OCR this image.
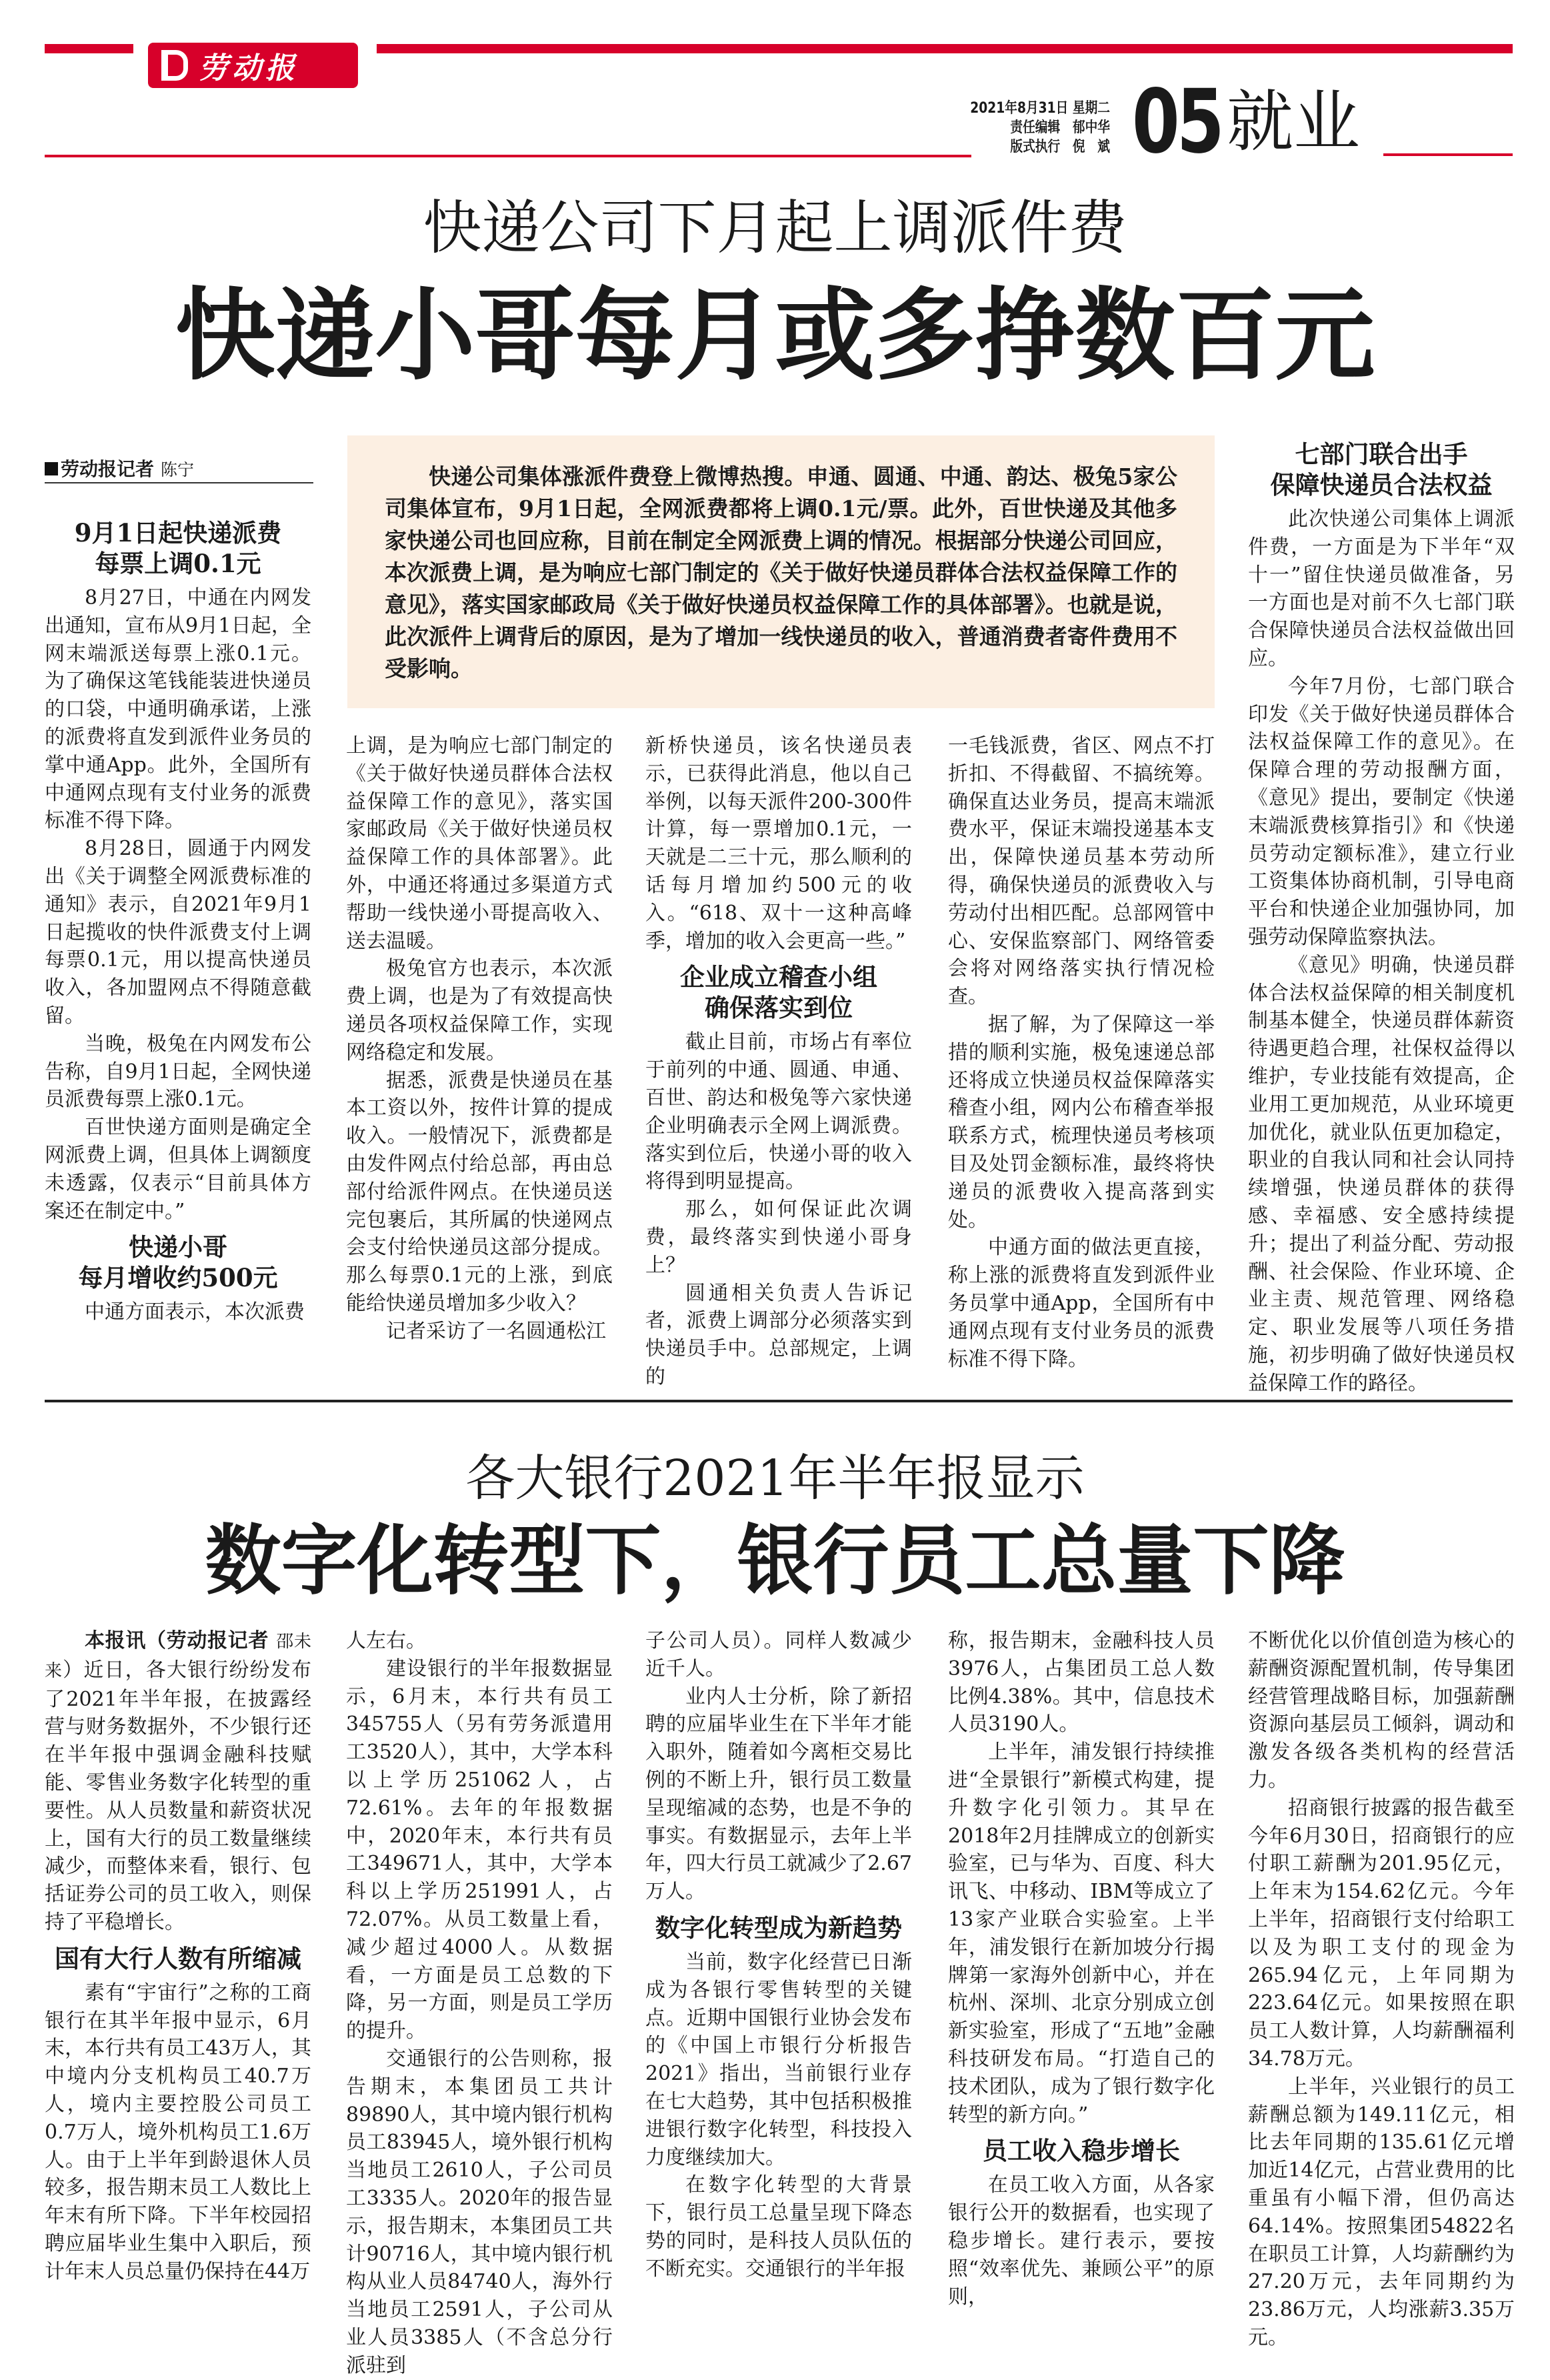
劳动报
2021年8月31日 星期二
责任编辑　郁中华
版式执行　倪　斌 05 就业
快递公司下月起上调派件费
快递小哥每月或多挣数百元
劳动报记者 陈宁	快递公司集体涨派件费登上微博热搜。申通、圆通、中通、韵达、极兔5家公司集体宣布，9月1日起，全网派费都将上调0.1元/票。此外，百世快递及其他多家快递公司也回应称，目前在制定全网派费上调的情况。根据部分快递公司回应，本次派费上调，是为响应七部门制定的《关于做好快递员群体合法权益保障工作的意见》，落实国家邮政局《关于做好快递员权益保障工作的具体部署》。也就是说，此次派件上调背后的原因，是为了增加一线快递员的收入，普通消费者寄件费用不受影响。

9月1日起快递派费
每票上调0.1元

8月27日，中通在内网发出通知，宣布从9月1日起，全网末端派送每票上涨0.1元。为了确保这笔钱能装进快递员的口袋，中通明确承诺，上涨的派费将直发到派件业务员的掌中通App。此外，全国所有中通网点现有支付业务的派费标准不得下降。

8月28日，圆通于内网发出《关于调整全网派费标准的通知》表示，自2021年9月1日起揽收的快件派费支付上调每票0.1元，用以提高快递员收入，各加盟网点不得随意截留。

当晚，极兔在内网发布公告称，自9月1日起，全网快递员派费每票上涨0.1元。

百世快递方面则是确定全网派费上调，但具体上调额度未透露，仅表示“目前具体方案还在制定中。”

快递小哥
每月增收约500元

中通方面表示，本次派费

上调，是为响应七部门制定的《关于做好快递员群体合法权益保障工作的意见》，落实国家邮政局《关于做好快递员权益保障工作的具体部署》。此外，中通还将通过多渠道方式帮助一线快递小哥提高收入、送去温暖。

极兔官方也表示，本次派费上调，也是为了有效提高快递员各项权益保障工作，实现网络稳定和发展。

据悉，派费是快递员在基本工资以外，按件计算的提成收入。一般情况下，派费都是由发件网点付给总部，再由总部付给派件网点。在快递员送完包裹后，其所属的快递网点会支付给快递员这部分提成。那么每票0.1元的上涨，到底能给快递员增加多少收入？

记者采访了一名圆通松江

新桥快递员，该名快递员表示，已获得此消息，他以自己举例，以每天派件200-300件计算，每一票增加0.1元，一天就是二三十元，那么顺利的话每月增加约500元的收入。“618、双十一这种高峰季，增加的收入会更高一些。”

企业成立稽查小组
确保落实到位

截止目前，市场占有率位于前列的中通、圆通、申通、百世、韵达和极兔等六家快递企业明确表示全网上调派费。落实到位后，快递小哥的收入将得到明显提高。

那么，如何保证此次调费，最终落实到快递小哥身上？

圆通相关负责人告诉记者，派费上调部分必须落实到快递员手中。总部规定，上调的

一毛钱派费，省区、网点不打折扣、不得截留、不搞统筹。确保直达业务员，提高末端派费水平，保证末端投递基本支出，保障快递员基本劳动所得，确保快递员的派费收入与劳动付出相匹配。总部网管中心、安保监察部门、网络管委会将对网络落实执行情况检查。

据了解，为了保障这一举措的顺利实施，极兔速递总部还将成立快递员权益保障落实稽查小组，网内公布稽查举报联系方式，梳理快递员考核项目及处罚金额标准，最终将快递员的派费收入提高落到实处。

中通方面的做法更直接，称上涨的派费将直发到派件业务员掌中通App，全国所有中通网点现有支付业务员的派费标准不得下降。

七部门联合出手
保障快递员合法权益

此次快递公司集体上调派件费，一方面是为下半年“双十一”留住快递员做准备，另一方面也是对前不久七部门联合保障快递员合法权益做出回应。

今年7月份，七部门联合印发《关于做好快递员群体合法权益保障工作的意见》。在保障合理的劳动报酬方面，《意见》提出，要制定《快递末端派费核算指引》和《快递员劳动定额标准》，建立行业工资集体协商机制，引导电商平台和快递企业加强协同，加强劳动保障监察执法。

《意见》明确，快递员群体合法权益保障的相关制度机制基本健全，快递员群体薪资待遇更趋合理，社保权益得以维护，专业技能有效提高，企业用工更加规范，从业环境更加优化，就业队伍更加稳定，职业的自我认同和社会认同持续增强，快递员群体的获得感、幸福感、安全感持续提升；提出了利益分配、劳动报酬、社会保险、作业环境、企业主责、规范管理、网络稳定、职业发展等八项任务措施，初步明确了做好快递员权益保障工作的路径。

各大银行2021年半年报显示
数字化转型下，银行员工总量下降

本报讯（劳动报记者 邵未来）近日，各大银行纷纷发布了2021年半年报，在披露经营与财务数据外，不少银行还在半年报中强调金融科技赋能、零售业务数字化转型的重要性。从人员数量和薪资状况上，国有大行的员工数量继续减少，而整体来看，银行、包括证券公司的员工收入，则保持了平稳增长。

国有大行人数有所缩减

素有“宇宙行”之称的工商银行在其半年报中显示，6月末，本行共有员工43万人，其中境内分支机构员工40.7万人，境内主要控股公司员工0.7万人，境外机构员工1.6万人。由于上半年到龄退休人员较多，报告期末员工人数比上年末有所下降。下半年校园招聘应届毕业生集中入职后，预计年末人员总量仍保持在44万

人左右。

建设银行的半年报数据显示，6月末，本行共有员工345755人（另有劳务派遣用工3520人），其中，大学本科以上学历251062人，占72.61%。去年的年报数据中，2020年末，本行共有员工349671人，其中，大学本科以上学历251991人，占72.07%。从员工数量上看，减少超过4000人。从数据看，一方面是员工总数的下降，另一方面，则是员工学历的提升。

交通银行的公告则称，报告期末，本集团员工共计89890人，其中境内银行机构员工83945人，境外银行机构当地员工2610人，子公司员工3335人。2020年的报告显示，报告期末，本集团员工共计90716人，其中境内银行机构从业人员84740人，海外行当地员工2591人，子公司从业人员3385人（不含总分行派驻到

子公司人员）。同样人数减少近千人。

业内人士分析，除了新招聘的应届毕业生在下半年才能入职外，随着如今离柜交易比例的不断上升，银行员工数量呈现缩减的态势，也是不争的事实。有数据显示，去年上半年，四大行员工就减少了2.67万人。

数字化转型成为新趋势

当前，数字化经营已日渐成为各银行零售转型的关键点。近期中国银行业协会发布的《中国上市银行分析报告2021》指出，当前银行业存在七大趋势，其中包括积极推进银行数字化转型，科技投入力度继续加大。

在数字化转型的大背景下，银行员工总量呈现下降态势的同时，是科技人员队伍的不断充实。交通银行的半年报

称，报告期末，金融科技人员3976人，占集团员工总人数比例4.38%。其中，信息技术人员3190人。

上半年，浦发银行持续推进“全景银行”新模式构建，提升数字化引领力。其早在2018年2月挂牌成立的创新实验室，已与华为、百度、科大讯飞、中移动、IBM等成立了13家产业联合实验室。上半年，浦发银行在新加坡分行揭牌第一家海外创新中心，并在杭州、深圳、北京分别成立创新实验室，形成了“五地”金融科技研发布局。“打造自己的技术团队，成为了银行数字化转型的新方向。”

员工收入稳步增长

在员工收入方面，从各家银行公开的数据看，也实现了稳步增长。建行表示，要按照“效率优先、兼顾公平”的原则，

不断优化以价值创造为核心的薪酬资源配置机制，传导集团经营管理战略目标，加强薪酬资源向基层员工倾斜，调动和激发各级各类机构的经营活力。

招商银行披露的报告截至今年6月30日，招商银行的应付职工薪酬为201.95亿元，上年末为154.62亿元。今年上半年，招商银行支付给职工以及为职工支付的现金为265.94亿元，上年同期为223.64亿元。如果按照在职员工人数计算，人均薪酬福利34.78万元。

上半年，兴业银行的员工薪酬总额为149.11亿元，相比去年同期的135.61亿元增加近14亿元，占营业费用的比重虽有小幅下滑，但仍高达64.14%。按照集团54822名在职员工计算，人均薪酬约为27.20万元，去年同期约为23.86万元，人均涨薪3.35万元。
